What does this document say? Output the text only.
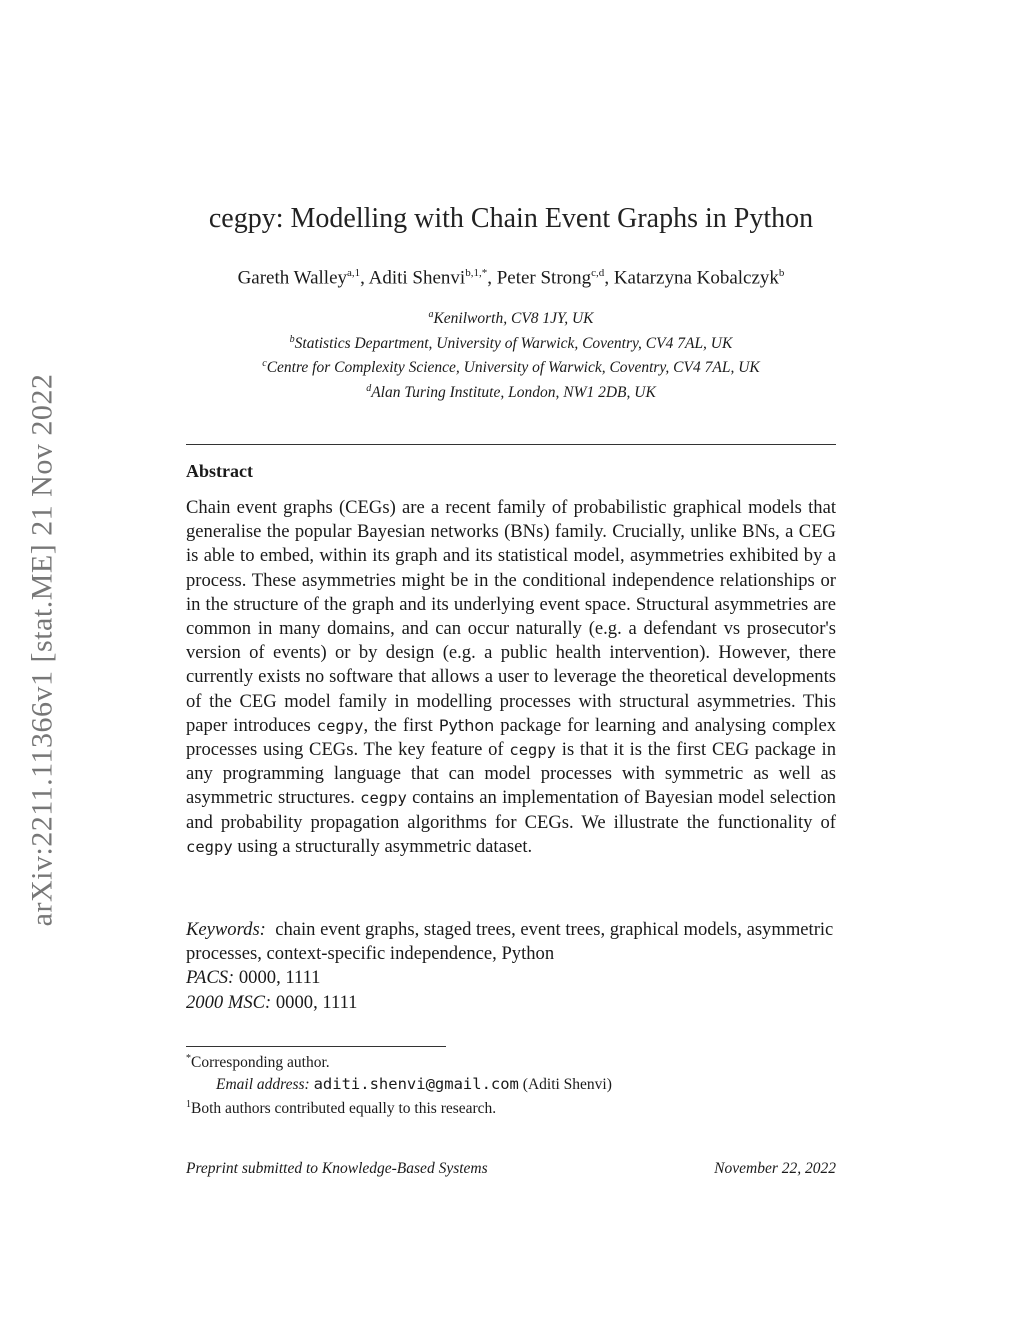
arXiv:2211.11366v1 [stat.ME] 21 Nov 2022
cegpy: Modelling with Chain Event Graphs in Python
Gareth Walley$^{a,1}$, Aditi Shenvi$^{b,1,*}$, Peter Strong$^{c,d}$, Katarzyna Kobalczyk$^b$
$^a$Kenilworth, CV8 1JY, UK
$^b$Statistics Department, University of Warwick, Coventry, CV4 7AL, UK
$^c$Centre for Complexity Science, University of Warwick, Coventry, CV4 7AL, UK
$^d$Alan Turing Institute, London, NW1 2DB, UK
Abstract

Chain event graphs (CEGs) are a recent family of probabilistic graphical models that generalise the popular Bayesian networks (BNs) family. Crucially, unlike BNs, a CEG is able to embed, within its graph and its statistical model, asymmetries exhibited by a process. These asymmetries might be in the conditional independence relationships or in the structure of the graph and its underlying event space. Structural asymmetries are common in many domains, and can occur naturally (e.g. a defendant vs prosecutor's version of events) or by design (e.g. a public health intervention). However, there currently exists no software that allows a user to leverage the theoretical developments of the CEG model family in modelling processes with structural asymmetries. This paper introduces cegpy, the first Python package for learning and analysing complex processes using CEGs. The key feature of cegpy is that it is the first CEG package in any programming language that can model processes with symmetric as well as asymmetric structures. cegpy contains an implementation of Bayesian model selection and probability propagation algorithms for CEGs. We illustrate the functionality of cegpy using a structurally asymmetric dataset.

Keywords: chain event graphs, staged trees, event trees, graphical models, asymmetric processes, context-specific independence, Python
PACS: 0000, 1111
2000 MSC: 0000, 1111
*Corresponding author.
Email address: aditi.shenvi@gmail.com (Aditi Shenvi)
$^1$Both authors contributed equally to this research.
Preprint submitted to Knowledge-Based Systems	November 22, 2022
